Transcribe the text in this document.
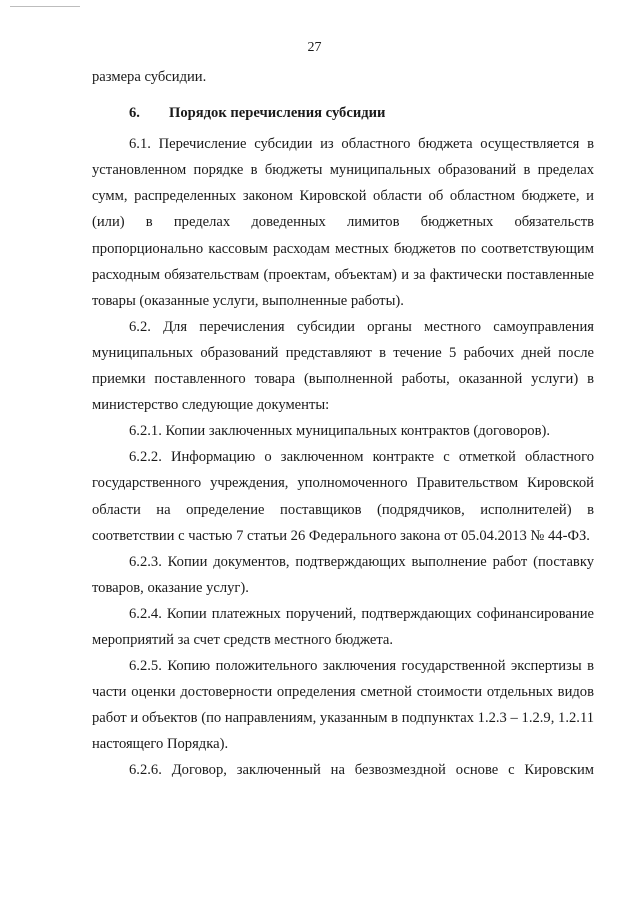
27

размера субсидии.

6. Порядок перечисления субсидии

6.1. Перечисление субсидии из областного бюджета осуществляется в установленном порядке в бюджеты муниципальных образований в пределах сумм, распределенных законом Кировской области об областном бюджете, и (или) в пределах доведенных лимитов бюджетных обязательств пропорционально кассовым расходам местных бюджетов по соответствующим расходным обязательствам (проектам, объектам) и за фактически поставленные товары (оказанные услуги, выполненные работы).

6.2. Для перечисления субсидии органы местного самоуправления муниципальных образований представляют в течение 5 рабочих дней после приемки поставленного товара (выполненной работы, оказанной услуги) в министерство следующие документы:

6.2.1. Копии заключенных муниципальных контрактов (договоров).

6.2.2. Информацию о заключенном контракте с отметкой областного государственного учреждения, уполномоченного Правительством Кировской области на определение поставщиков (подрядчиков, исполнителей) в соответствии с частью 7 статьи 26 Федерального закона от 05.04.2013 № 44-ФЗ.

6.2.3. Копии документов, подтверждающих выполнение работ (поставку товаров, оказание услуг).

6.2.4. Копии платежных поручений, подтверждающих софинансирование мероприятий за счет средств местного бюджета.

6.2.5. Копию положительного заключения государственной экспертизы в части оценки достоверности определения сметной стоимости отдельных видов работ и объектов (по направлениям, указанным в подпунктах 1.2.3 – 1.2.9, 1.2.11 настоящего Порядка).

6.2.6. Договор, заключенный на безвозмездной основе с Кировским
